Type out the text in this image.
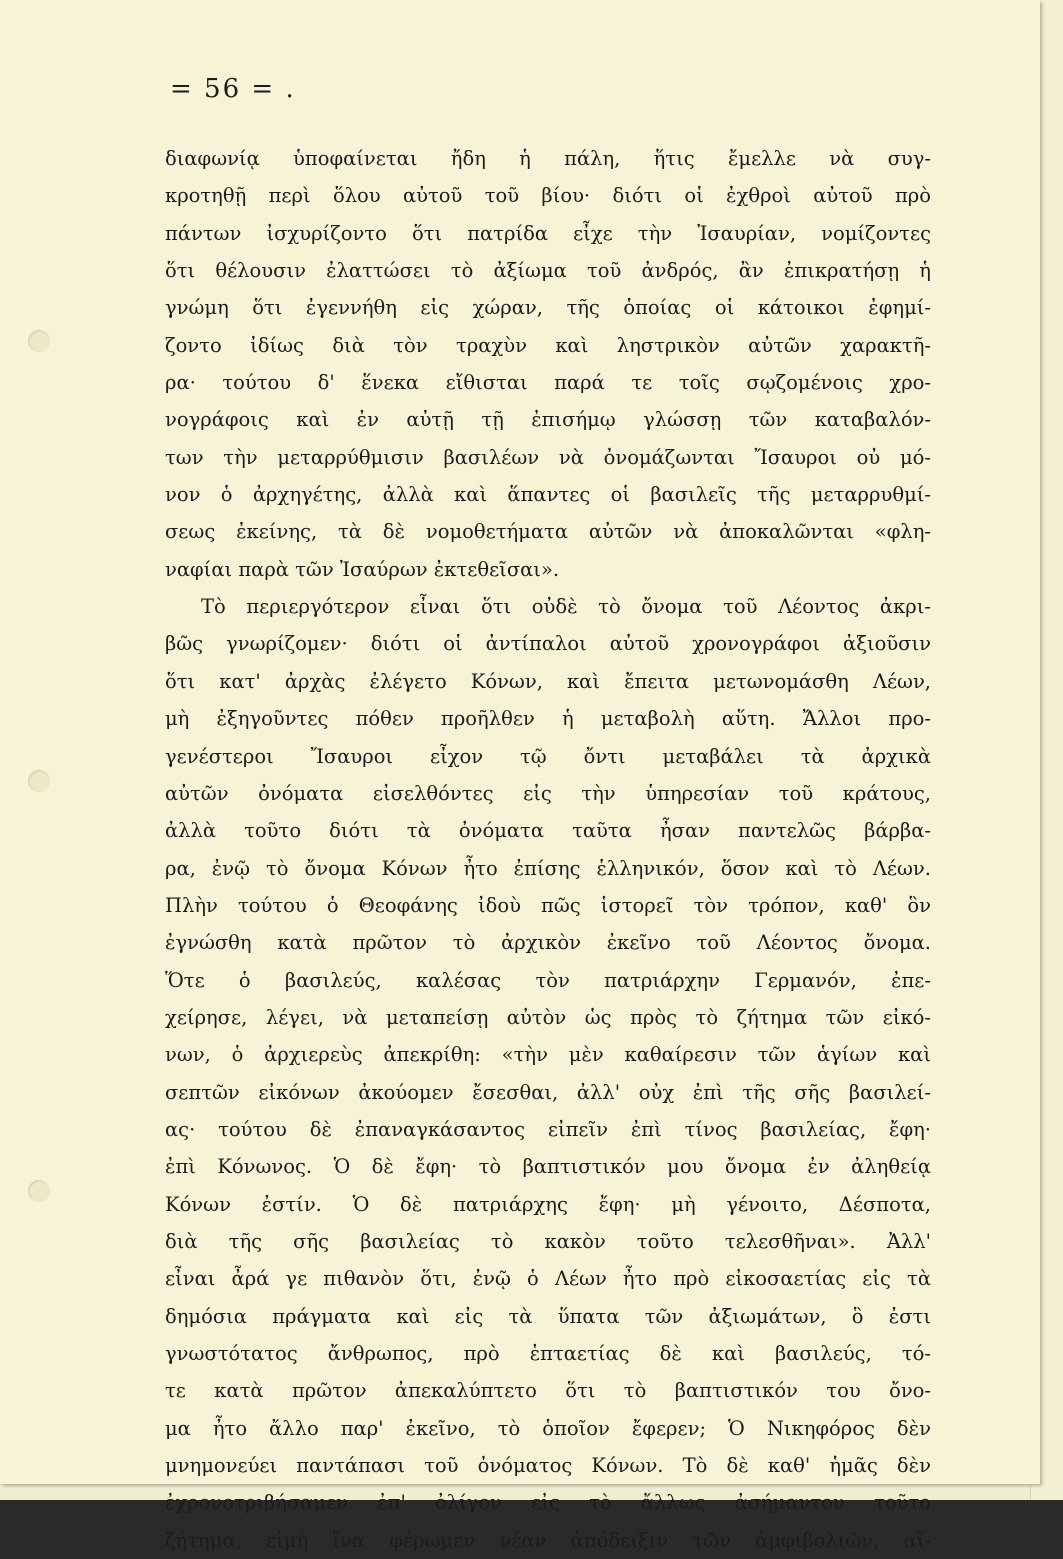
= 56 = .
διαφωνίᾳ ὑποφαίνεται ἤδη ἡ πάλη, ἥτις ἔμελλε νὰ συγ-
κροτηθῇ περὶ ὅλου αὐτοῦ τοῦ βίου· διότι οἱ ἐχθροὶ αὐτοῦ πρὸ
πάντων ἰσχυρίζοντο ὅτι πατρίδα εἶχε τὴν Ἰσαυρίαν, νομίζοντες
ὅτι θέλουσιν ἐλαττώσει τὸ ἀξίωμα τοῦ ἀνδρός, ἂν ἐπικρατήσῃ ἡ
γνώμη ὅτι ἐγεννήθη εἰς χώραν, τῆς ὁποίας οἱ κάτοικοι ἐφημί-
ζοντο ἰδίως διὰ τὸν τραχὺν καὶ ληστρικὸν αὐτῶν χαρακτῆ-
ρα· τούτου δ' ἕνεκα εἴθισται παρά τε τοῖς σῳζομένοις χρο-
νογράφοις καὶ ἐν αὐτῇ τῇ ἐπισήμῳ γλώσσῃ τῶν καταβαλόν-
των τὴν μεταρρύθμισιν βασιλέων νὰ ὀνομάζωνται Ἴσαυροι οὐ μό-
νον ὁ ἀρχηγέτης, ἀλλὰ καὶ ἅπαντες οἱ βασιλεῖς τῆς μεταρρυθμί-
σεως ἐκείνης, τὰ δὲ νομοθετήματα αὐτῶν νὰ ἀποκαλῶνται «φλη-
ναφίαι παρὰ τῶν Ἰσαύρων ἐκτεθεῖσαι».
Τὸ περιεργότερον εἶναι ὅτι οὐδὲ τὸ ὄνομα τοῦ Λέοντος ἀκρι-
βῶς γνωρίζομεν· διότι οἱ ἀντίπαλοι αὐτοῦ χρονογράφοι ἀξιοῦσιν
ὅτι κατ' ἀρχὰς ἐλέγετο Κόνων, καὶ ἔπειτα μετωνομάσθη Λέων,
μὴ ἐξηγοῦντες πόθεν προῆλθεν ἡ μεταβολὴ αὕτη. Ἄλλοι προ-
γενέστεροι Ἴσαυροι εἶχον τῷ ὄντι μεταβάλει τὰ ἀρχικὰ
αὐτῶν ὀνόματα εἰσελθόντες εἰς τὴν ὑπηρεσίαν τοῦ κράτους,
ἀλλὰ τοῦτο διότι τὰ ὀνόματα ταῦτα ἦσαν παντελῶς βάρβα-
ρα, ἐνῷ τὸ ὄνομα Κόνων ἦτο ἐπίσης ἑλληνικόν, ὅσον καὶ τὸ Λέων.
Πλὴν τούτου ὁ Θεοφάνης ἰδοὺ πῶς ἱστορεῖ τὸν τρόπον, καθ' ὃν
ἐγνώσθη κατὰ πρῶτον τὸ ἀρχικὸν ἐκεῖνο τοῦ Λέοντος ὄνομα.
Ὅτε ὁ βασιλεύς, καλέσας τὸν πατριάρχην Γερμανόν, ἐπε-
χείρησε, λέγει, νὰ μεταπείσῃ αὐτὸν ὡς πρὸς τὸ ζήτημα τῶν εἰκό-
νων, ὁ ἀρχιερεὺς ἀπεκρίθη: «τὴν μὲν καθαίρεσιν τῶν ἁγίων καὶ
σεπτῶν εἰκόνων ἀκούομεν ἔσεσθαι, ἀλλ' οὐχ ἐπὶ τῆς σῆς βασιλεί-
ας· τούτου δὲ ἐπαναγκάσαντος εἰπεῖν ἐπὶ τίνος βασιλείας, ἔφη·
ἐπὶ Κόνωνος. Ὁ δὲ ἔφη· τὸ βαπτιστικόν μου ὄνομα ἐν ἀληθείᾳ
Κόνων ἐστίν. Ὁ δὲ πατριάρχης ἔφη· μὴ γένοιτο, Δέσποτα,
διὰ τῆς σῆς βασιλείας τὸ κακὸν τοῦτο τελεσθῆναι». Ἀλλ'
εἶναι ἆρά γε πιθανὸν ὅτι, ἐνῷ ὁ Λέων ἦτο πρὸ εἰκοσαετίας εἰς τὰ
δημόσια πράγματα καὶ εἰς τὰ ὕπατα τῶν ἀξιωμάτων, ὃ ἐστι
γνωστότατος ἄνθρωπος, πρὸ ἑπταετίας δὲ καὶ βασιλεύς, τό-
τε κατὰ πρῶτον ἀπεκαλύπτετο ὅτι τὸ βαπτιστικόν του ὄνο-
μα ἦτο ἄλλο παρ' ἐκεῖνο, τὸ ὁποῖον ἔφερεν; Ὁ Νικηφόρος δὲν
μνημονεύει παντάπασι τοῦ ὀνόματος Κόνων. Τὸ δὲ καθ' ἡμᾶς δὲν
ἐχρονοτριβήσαμεν ἐπ' ὀλίγον εἰς τὸ ἄλλως ἀσήμαντον τοῦτο
ζήτημα, εἰμὴ ἵνα φέρωμεν νέαν ἀπόδειξιν τῶν ἀμφιβολιῶν, αἵ-
